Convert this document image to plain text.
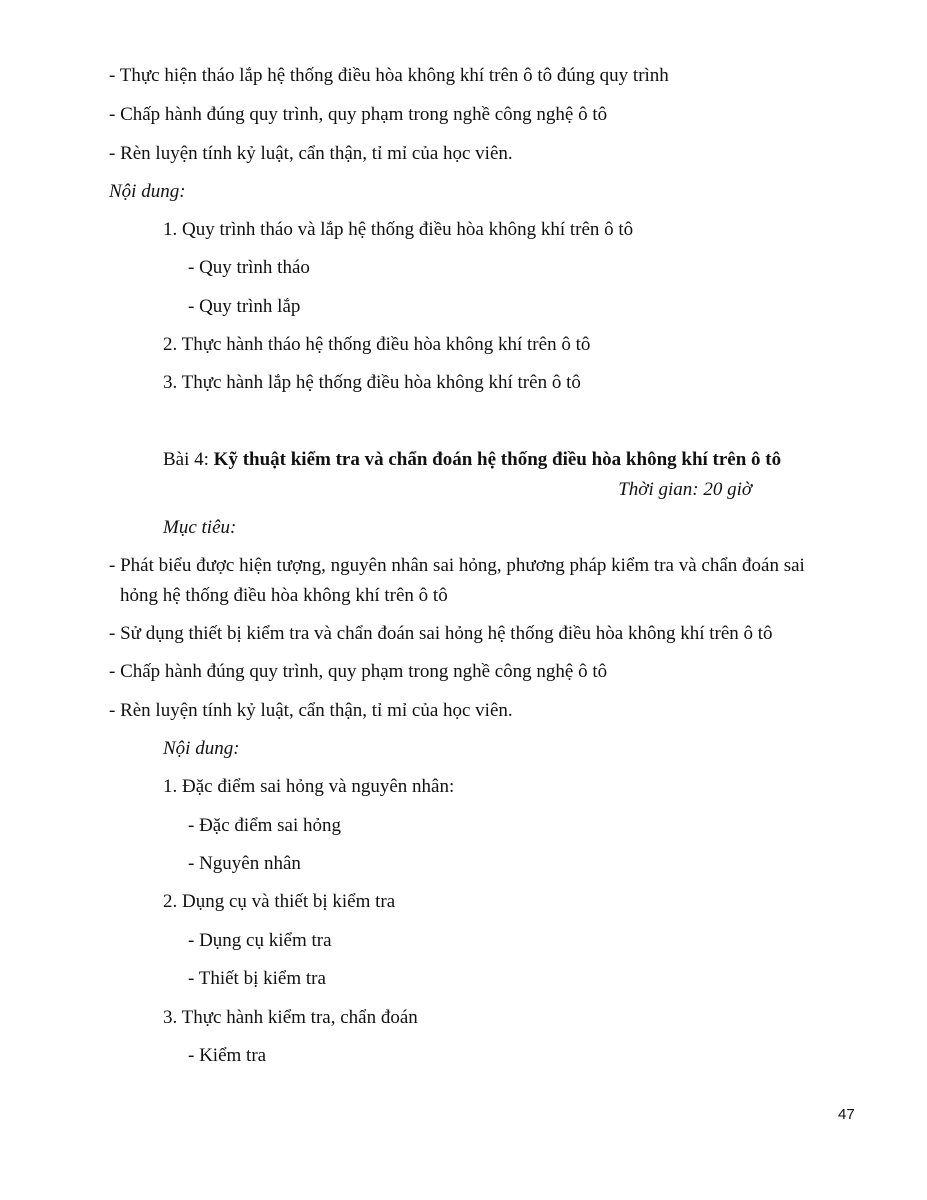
- Thực hiện tháo lắp hệ thống điều hòa không khí trên ô tô đúng quy trình
- Chấp hành đúng quy trình, quy phạm trong nghề công nghệ ô tô
- Rèn luyện tính kỷ luật, cẩn thận, tỉ mỉ của học viên.
Nội dung:
1. Quy trình tháo và lắp hệ thống điều hòa không khí trên ô tô
- Quy trình tháo
- Quy trình lắp
2. Thực hành tháo hệ thống điều hòa không khí trên ô tô
3. Thực hành lắp hệ thống điều hòa không khí trên ô tô
Bài 4: Kỹ thuật kiểm tra và chẩn đoán hệ thống điều hòa không khí trên ô tô
Thời gian: 20 giờ
Mục tiêu:
- Phát biểu được hiện tượng, nguyên nhân sai hỏng, phương pháp kiểm tra và chẩn đoán sai
hỏng hệ thống điều hòa không khí trên ô tô
- Sử dụng thiết bị kiểm tra và chẩn đoán sai hỏng hệ thống điều hòa không khí trên ô tô
- Chấp hành đúng quy trình, quy phạm trong nghề công nghệ ô tô
- Rèn luyện tính kỷ luật, cẩn thận, tỉ mỉ của học viên.
Nội dung:
1. Đặc điểm sai hỏng và nguyên nhân:
- Đặc điểm sai hỏng
- Nguyên nhân
2. Dụng cụ và thiết bị kiểm tra
- Dụng cụ kiểm tra
- Thiết bị kiểm tra
3. Thực hành kiểm tra, chẩn đoán
- Kiểm tra
47
